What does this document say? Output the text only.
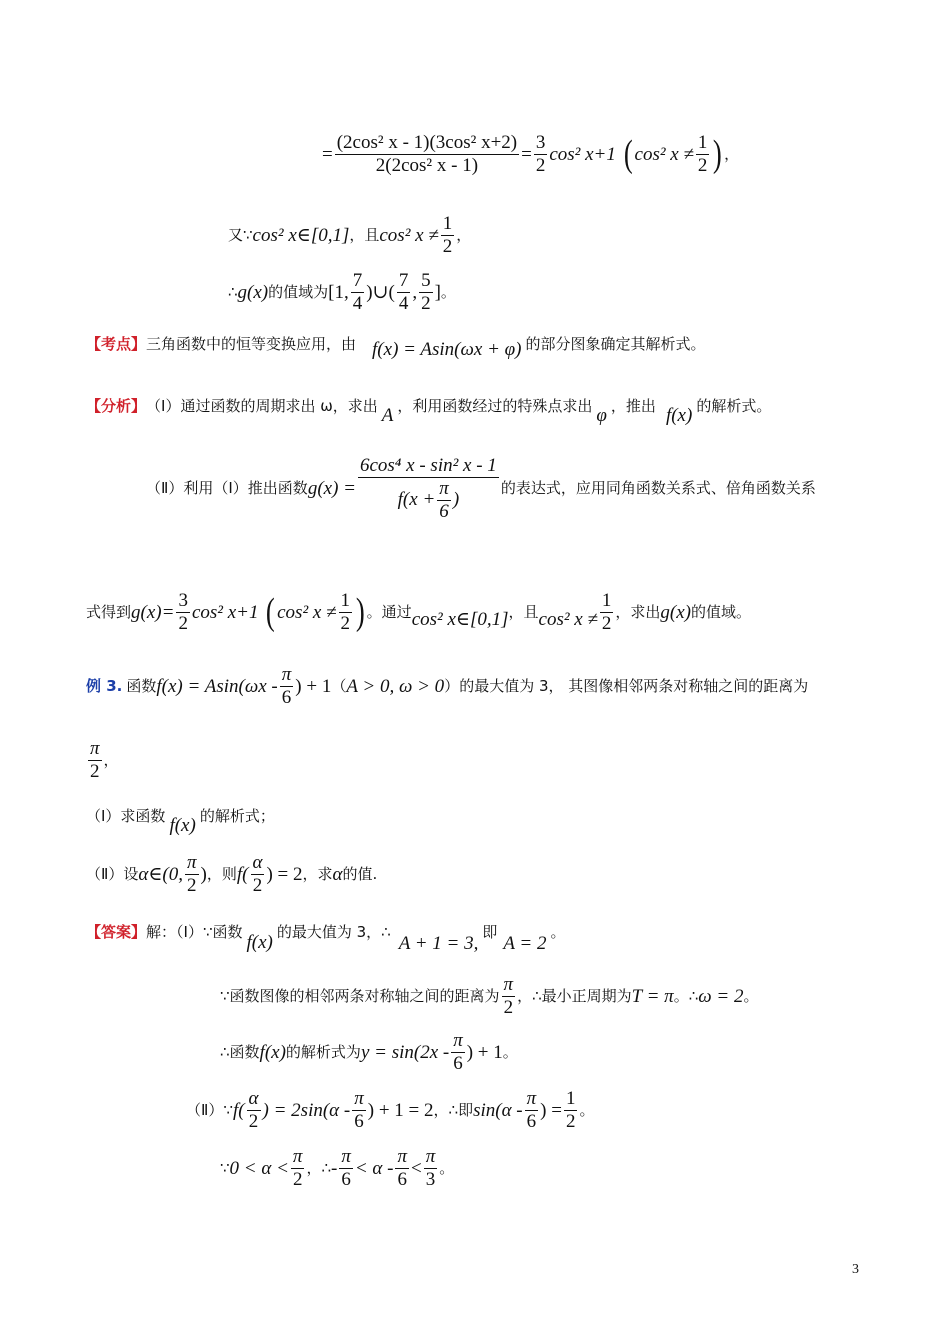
= $\frac{\text{(2cos² x - 1)(3cos² x+2)}}{\text{2(2cos² x - 1)}} = \frac{3}{2} \cos^2$ x+1 ( cos² $x \ne \frac{1}{2}$ ) ，
又∵ cos² x∈[0,1] ，且 cos² $x \ne \frac{1}{2}$ ，
∴ g(x) 的值域为 [1, $\frac{7}{4}$ )∪( $\frac{7}{4}$ , $\frac{5}{2}$ ] 。
【考点】 三角函数中的恒等变换应用，由 f(x) = Asin(ωx + φ) 的部分图象确定其解析式。
【分析】 （Ⅰ）通过函数的周期求出 ω，求出 A ，利用函数经过的特殊点求出 φ ，推出 f(x) 的解析式。
（Ⅱ）利用（Ⅰ）推出函数 $g(x) = \frac{\text{6cos⁴ x - sin² x - 1}}{f(x + \frac{\pi}{6} )}$ 的表达式，应用同角函数关系式、倍角函数关系
式得到 $g(x)= \frac{3}{2} \cos^2$ x+1 ( cos² $x \ne \frac{1}{2}$ ) 。通过 cos² x∈[0,1] ，且 cos² $x \ne \frac{1}{2}$ ，求出 g(x) 的值域。
例 3. 函数 $f(x) = Asin(\omega x - \frac{\pi}{6}$ ) + 1 （ A > 0, ω > 0 ）的最大值为 3， 其图像相邻两条对称轴之间的距离为
$\frac{\pi}{2}$ ，
（Ⅰ）求函数 f(x) 的解析式；
（Ⅱ）设 α∈(0, $\frac{\pi}{2}$ ) ，则 $f( \frac{\alpha}{2}$ ) = 2 ，求 α 的值.
【答案】 解：（Ⅰ）∵函数 f(x) 的最大值为 3，∴
A + 1 = 3,
即
A = 2
。
∵函数图像的相邻两条对称轴之间的距离为 $\frac{\pi}{2}$ ，∴最小正周期为 T = π 。∴ ω = 2 。
∴函数 f(x) 的解析式为 $y = \sin(2x - \frac{\pi}{6}$ ) + 1 。
（Ⅱ）∵ $f( \frac{\alpha}{2}$ ) = $2\sin(\alpha - \frac{\pi}{6}$ ) + 1 = 2 ，∴即 $\sin(\alpha - \frac{\pi}{6}$ ) = $\frac{1}{2}$ 。
∵ $0 < \alpha < \frac{\pi}{2}$ ，∴ - $\frac{\pi}{6} < \alpha - \frac{\pi}{6} < \frac{\pi}{3}$ 。
3
